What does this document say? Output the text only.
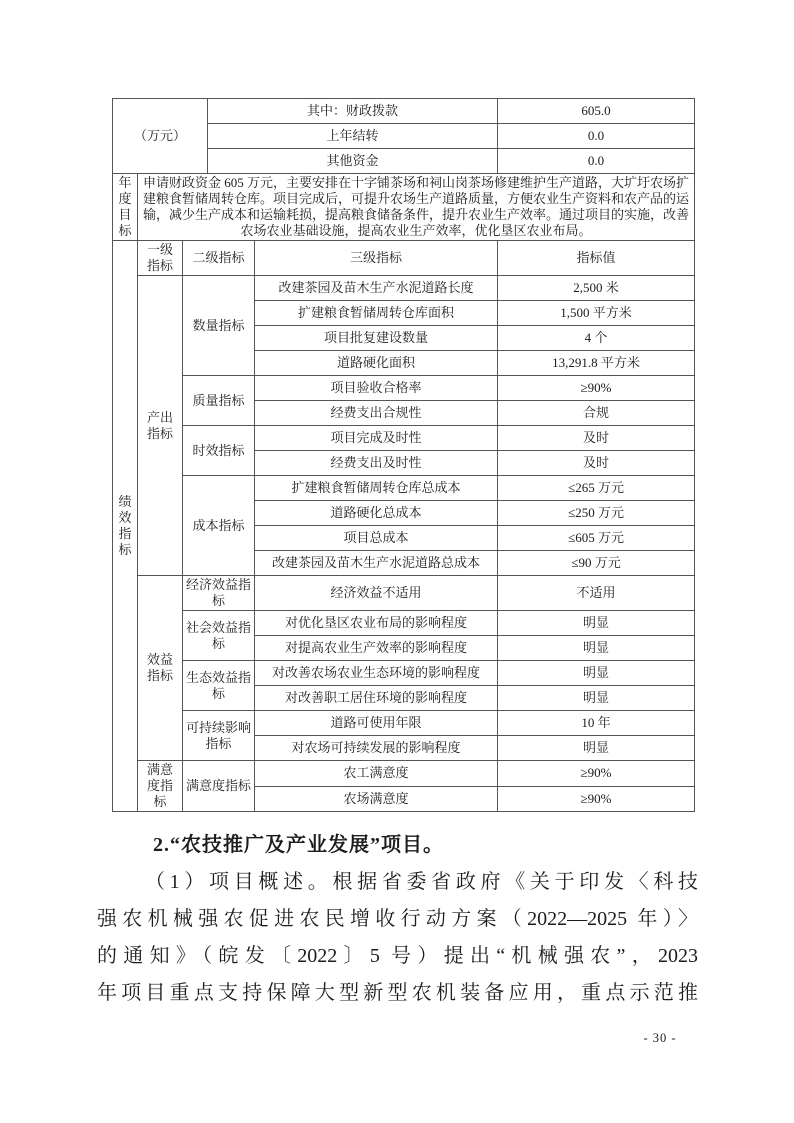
（万元）			其中：财政拨款		605.0
			上年结转		0.0
			其他资金		0.0
年度目标	申请财政资金 605 万元，主要安排在十字铺茶场和祠山岗茶场修建维护生产道路，大圹圩农场扩建粮食暂储周转仓库。项目完成后，可提升农场生产道路质量，方便农业生产资料和农产品的运输，减少生产成本和运输耗损，提高粮食储备条件，提升农业生产效率。通过项目的实施，改善农场农业基础设施，提高农业生产效率，优化垦区农业布局。				
绩效指标	一级指标	二级指标		三级指标	指标值
	产出指标	数量指标		改建茶园及苗木生产水泥道路长度	2,500 米
				扩建粮食暂储周转仓库面积	1,500 平方米
				项目批复建设数量	4 个
				道路硬化面积	13,291.8 平方米
		质量指标		项目验收合格率	≥90%
				经费支出合规性	合规
		时效指标		项目完成及时性	及时
				经费支出及时性	及时
		成本指标		扩建粮食暂储周转仓库总成本	≤265 万元
				道路硬化总成本	≤250 万元
				项目总成本	≤605 万元
				改建茶园及苗木生产水泥道路总成本	≤90 万元
	效益指标	经济效益指标		经济效益不适用	不适用
		社会效益指标		对优化垦区农业布局的影响程度	明显
				对提高农业生产效率的影响程度	明显
		生态效益指标		对改善农场农业生态环境的影响程度	明显
				对改善职工居住环境的影响程度	明显
		可持续影响指标		道路可使用年限	10 年
				对农场可持续发展的影响程度	明显
	满意度指标	满意度指标		农工满意度	≥90%
				农场满意度	≥90%
2.“农技推广及产业发展”项目。
（1）项目概述。根据省委省政府《关于印发〈科技
强农机械强农促进农民增收行动方案（2022—2025 年）〉
的通知》（皖发〔2022〕5 号）提出“机械强农”，2023
年项目重点支持保障大型新型农机装备应用，重点示范推
- 30 -
